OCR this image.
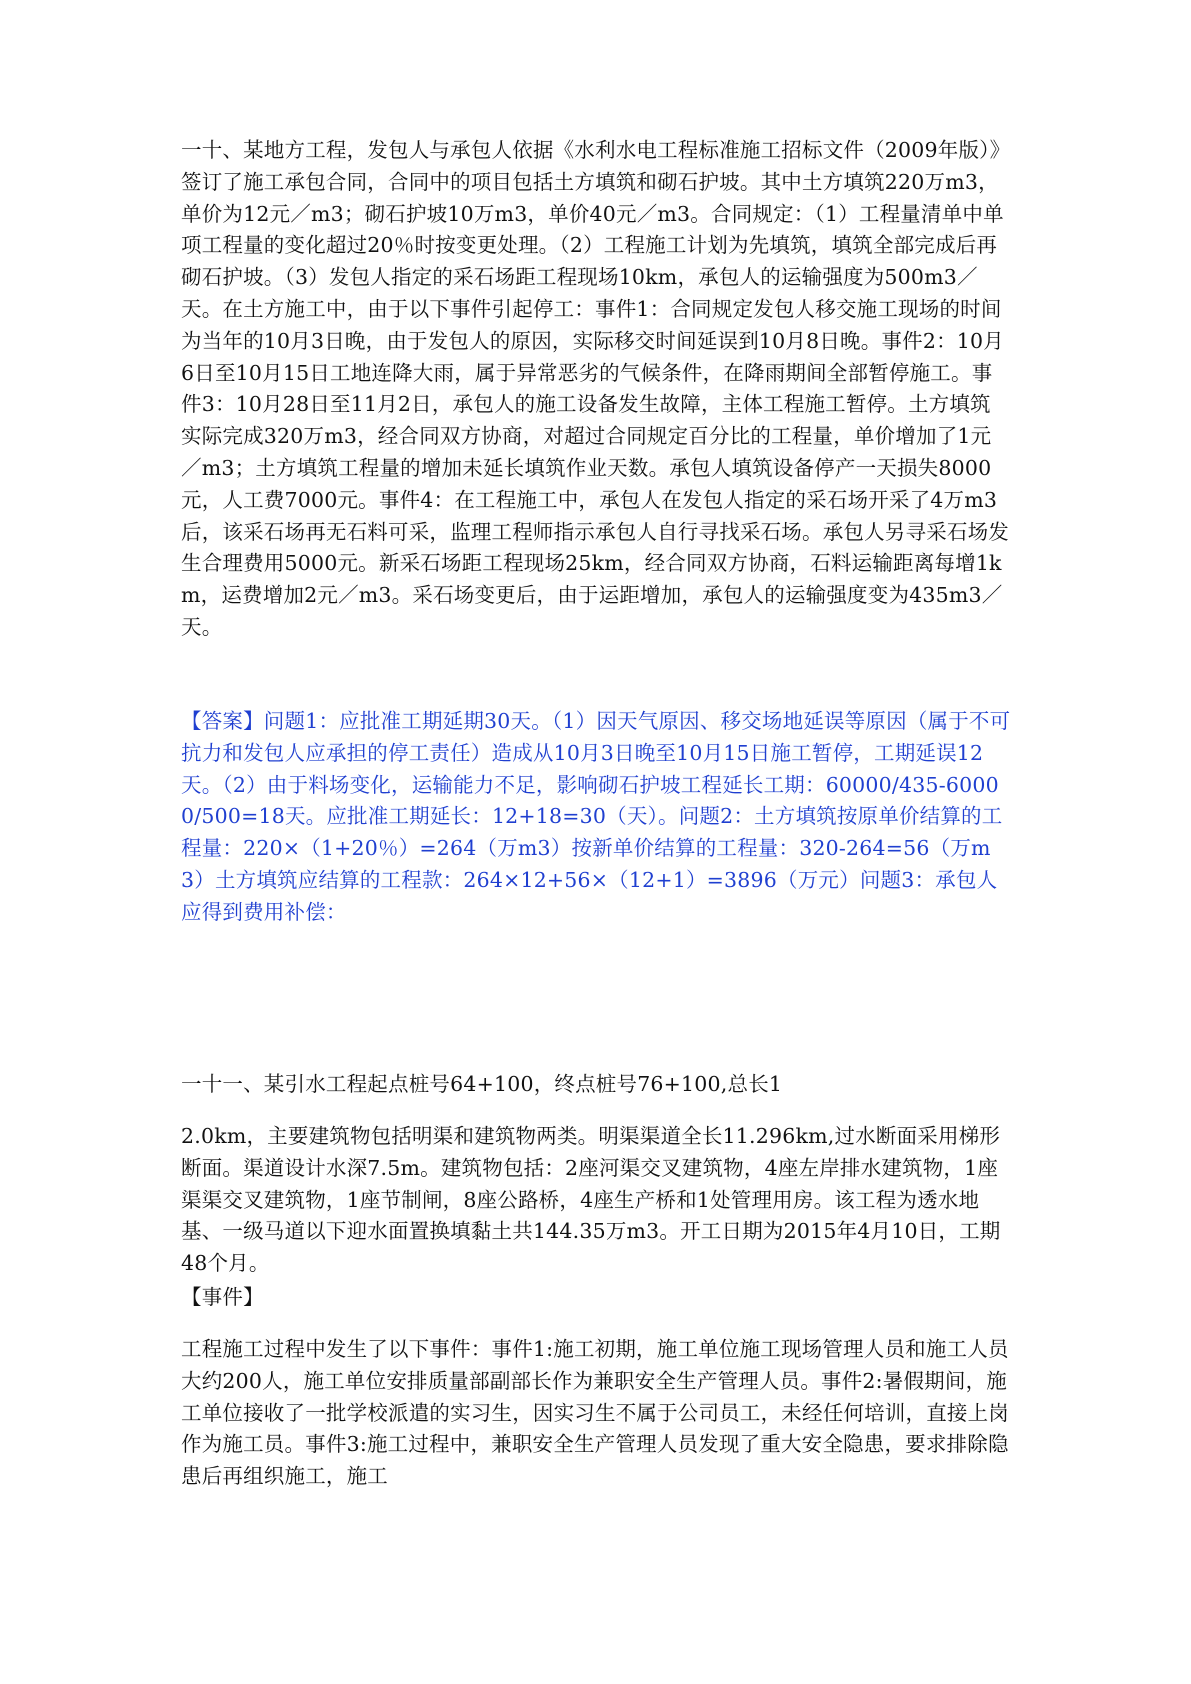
一十、某地方工程，发包人与承包人依据《水利水电工程标准施工招标文件（2009年版）》签订了施工承包合同，合同中的项目包括土方填筑和砌石护坡。其中土方填筑220万m3，单价为12元／m3；砌石护坡10万m3，单价40元／m3。合同规定：（1）工程量清单中单项工程量的变化超过20％时按变更处理。（2）工程施工计划为先填筑，填筑全部完成后再砌石护坡。（3）发包人指定的采石场距工程现场10km，承包人的运输强度为500m3／天。在土方施工中，由于以下事件引起停工：事件1：合同规定发包人移交施工现场的时间为当年的10月3日晚，由于发包人的原因，实际移交时间延误到10月8日晚。事件2：10月6日至10月15日工地连降大雨，属于异常恶劣的气候条件，在降雨期间全部暂停施工。事件3：10月28日至11月2日，承包人的施工设备发生故障，主体工程施工暂停。土方填筑实际完成320万m3，经合同双方协商，对超过合同规定百分比的工程量，单价增加了1元／m3；土方填筑工程量的增加未延长填筑作业天数。承包人填筑设备停产一天损失8000元，人工费7000元。事件4：在工程施工中，承包人在发包人指定的采石场开采了4万m3后，该采石场再无石料可采，监理工程师指示承包人自行寻找采石场。承包人另寻采石场发生合理费用5000元。新采石场距工程现场25km，经合同双方协商，石料运输距离每增1km，运费增加2元／m3。采石场变更后，由于运距增加，承包人的运输强度变为435m3／天。

【答案】问题1：应批准工期延期30天。（1）因天气原因、移交场地延误等原因（属于不可抗力和发包人应承担的停工责任）造成从10月3日晚至10月15日施工暂停，工期延误12天。（2）由于料场变化，运输能力不足，影响砌石护坡工程延长工期：60000/435-60000/500=18天。应批准工期延长：12+18=30（天）。问题2：土方填筑按原单价结算的工程量：220×（1+20％）=264（万m3）按新单价结算的工程量：320-264=56（万m3）土方填筑应结算的工程款：264×12+56×（12+1）=3896（万元）问题3：承包人应得到费用补偿：

一十一、某引水工程起点桩号64+100，终点桩号76+100,总长1

2.0km，主要建筑物包括明渠和建筑物两类。明渠渠道全长11.296km,过水断面采用梯形断面。渠道设计水深7.5m。建筑物包括：2座河渠交叉建筑物，4座左岸排水建筑物，1座渠渠交叉建筑物，1座节制闸，8座公路桥，4座生产桥和1处管理用房。该工程为透水地基、一级马道以下迎水面置换填黏土共144.35万m3。开工日期为2015年4月10日，工期48个月。

【事件】

工程施工过程中发生了以下事件：事件1:施工初期，施工单位施工现场管理人员和施工人员大约200人，施工单位安排质量部副部长作为兼职安全生产管理人员。事件2:暑假期间，施工单位接收了一批学校派遣的实习生，因实习生不属于公司员工，未经任何培训，直接上岗作为施工员。事件3:施工过程中，兼职安全生产管理人员发现了重大安全隐患，要求排除隐患后再组织施工，施工
